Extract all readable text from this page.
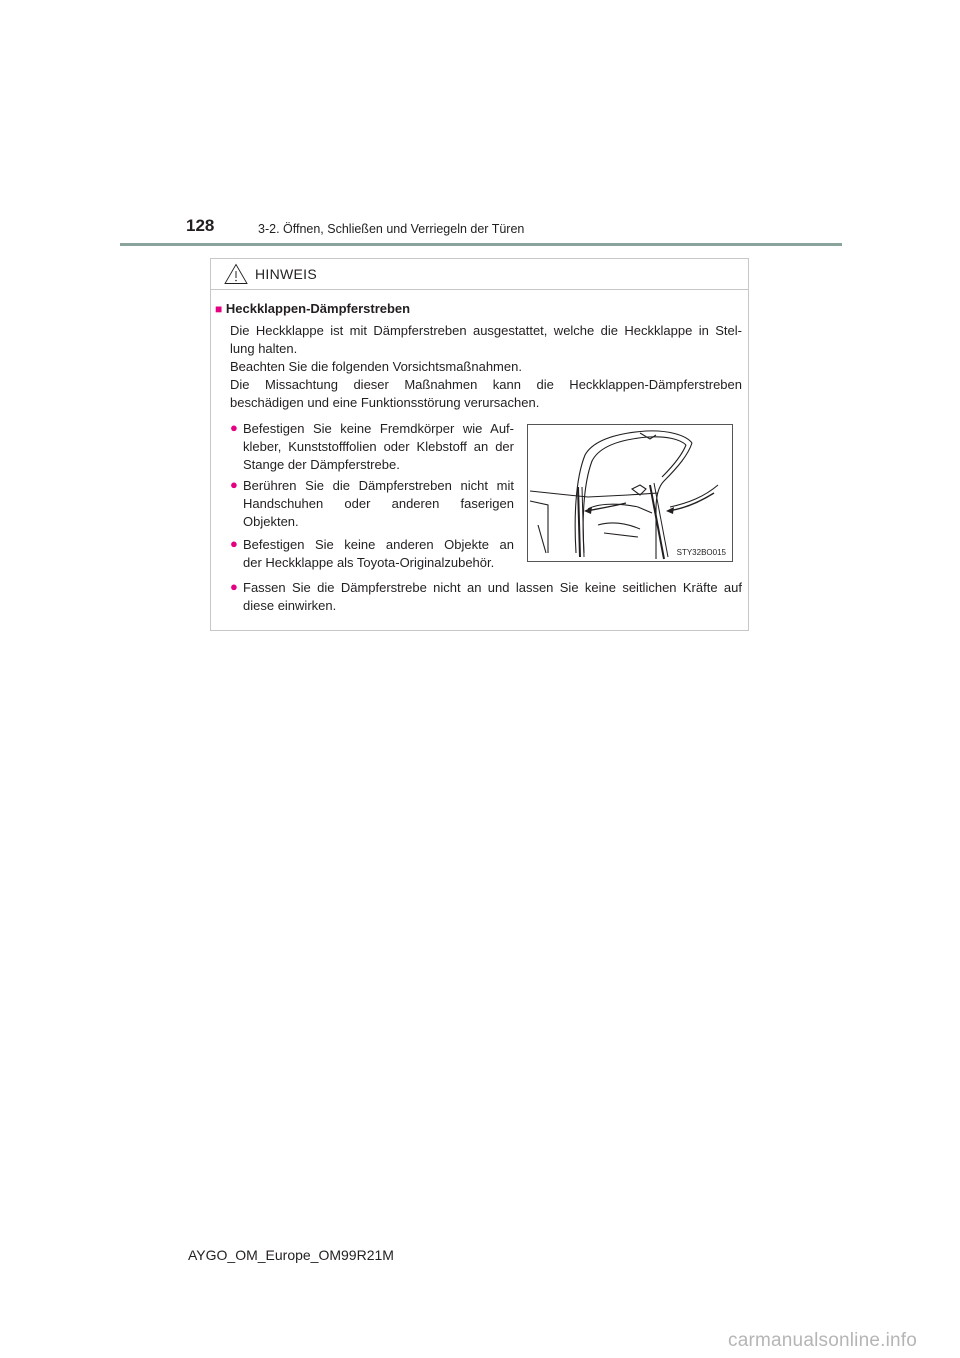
128	3-2. Öffnen, Schließen und Verriegeln der Türen
HINWEIS
■ Heckklappen-Dämpferstreben
Die Heckklappe ist mit Dämpferstreben ausgestattet, welche die Heckklappe in Stel-
lung halten.
Beachten Sie die folgenden Vorsichtsmaßnahmen.
Die Missachtung dieser Maßnahmen kann die Heckklappen-Dämpferstreben
beschädigen und eine Funktionsstörung verursachen.
● Befestigen Sie keine Fremdkörper wie Auf-
kleber, Kunststofffolien oder Klebstoff an der
Stange der Dämpferstrebe.
● Berühren Sie die Dämpferstreben nicht mit
Handschuhen oder anderen faserigen
Objekten.
● Befestigen Sie keine anderen Objekte an
der Heckklappe als Toyota-Originalzubehör.
● Fassen Sie die Dämpferstrebe nicht an und lassen Sie keine seitlichen Kräfte auf
diese einwirken.
STY32BO015
AYGO_OM_Europe_OM99R21M
carmanualsonline.info
